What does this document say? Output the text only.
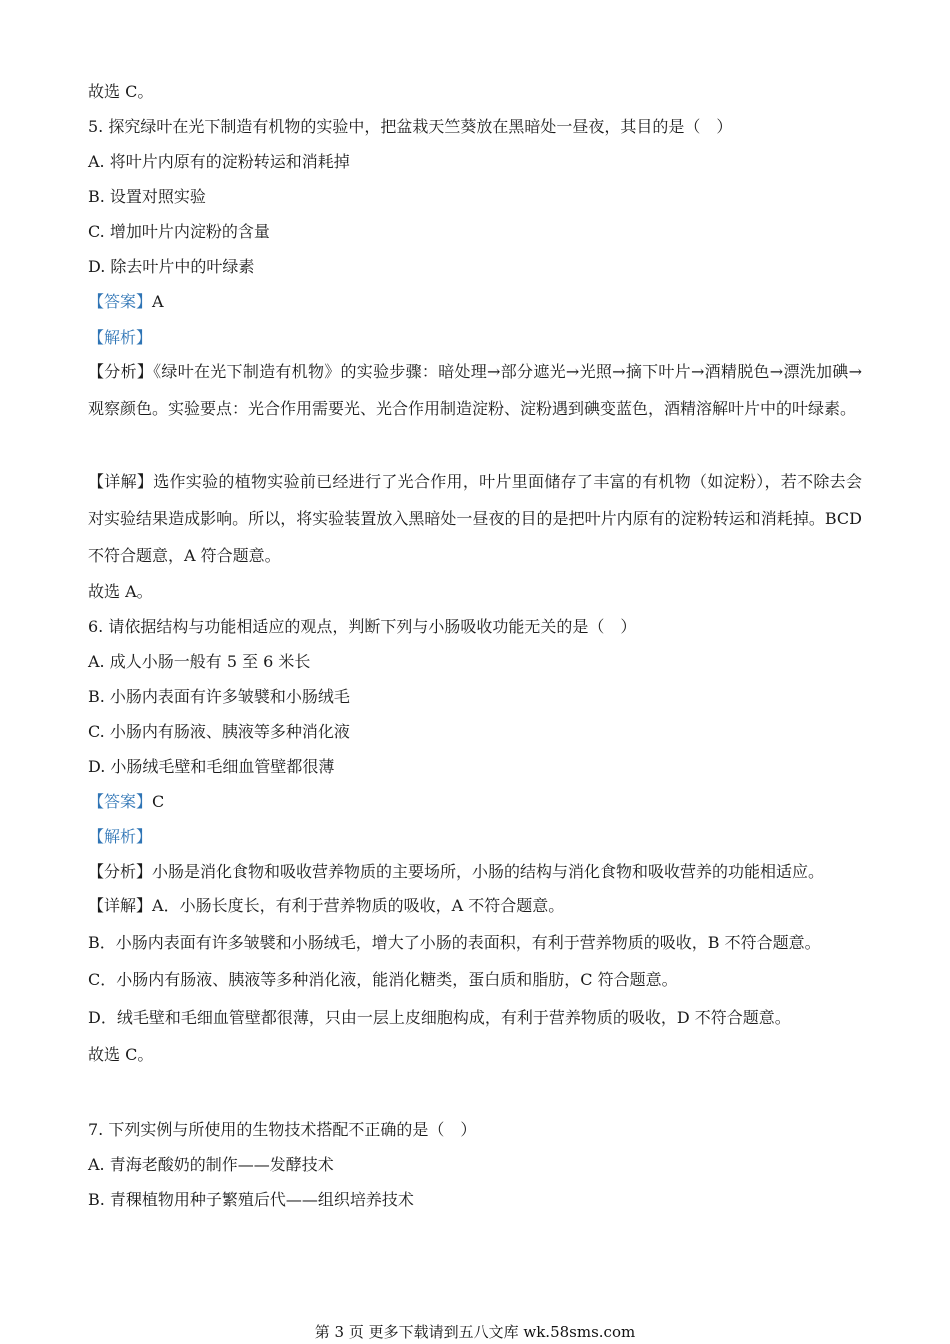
故选 C。
5. 探究绿叶在光下制造有机物的实验中，把盆栽天竺葵放在黑暗处一昼夜，其目的是（　）
A. 将叶片内原有的淀粉转运和消耗掉
B. 设置对照实验
C. 增加叶片内淀粉的含量
D. 除去叶片中的叶绿素
【答案】A
【解析】
【分析】《绿叶在光下制造有机物》的实验步骤：暗处理→部分遮光→光照→摘下叶片→酒精脱色→漂洗加碘→观察颜色。实验要点：光合作用需要光、光合作用制造淀粉、淀粉遇到碘变蓝色，酒精溶解叶片中的叶绿素。
【详解】选作实验的植物实验前已经进行了光合作用，叶片里面储存了丰富的有机物（如淀粉），若不除去会对实验结果造成影响。所以，将实验装置放入黑暗处一昼夜的目的是把叶片内原有的淀粉转运和消耗掉。BCD 不符合题意，A 符合题意。
故选 A。
6. 请依据结构与功能相适应的观点，判断下列与小肠吸收功能无关的是（　）
A. 成人小肠一般有 5 至 6 米长
B. 小肠内表面有许多皱襞和小肠绒毛
C. 小肠内有肠液、胰液等多种消化液
D. 小肠绒毛壁和毛细血管壁都很薄
【答案】C
【解析】
【分析】小肠是消化食物和吸收营养物质的主要场所，小肠的结构与消化食物和吸收营养的功能相适应。
【详解】A．小肠长度长，有利于营养物质的吸收，A 不符合题意。
B．小肠内表面有许多皱襞和小肠绒毛，增大了小肠的表面积，有利于营养物质的吸收，B 不符合题意。
C．小肠内有肠液、胰液等多种消化液，能消化糖类，蛋白质和脂肪，C 符合题意。
D．绒毛壁和毛细血管壁都很薄，只由一层上皮细胞构成，有利于营养物质的吸收，D 不符合题意。
故选 C。
7. 下列实例与所使用的生物技术搭配不正确的是（　）
A. 青海老酸奶的制作——发酵技术
B. 青稞植物用种子繁殖后代——组织培养技术
第 3 页 更多下载请到五八文库 wk.58sms.com
